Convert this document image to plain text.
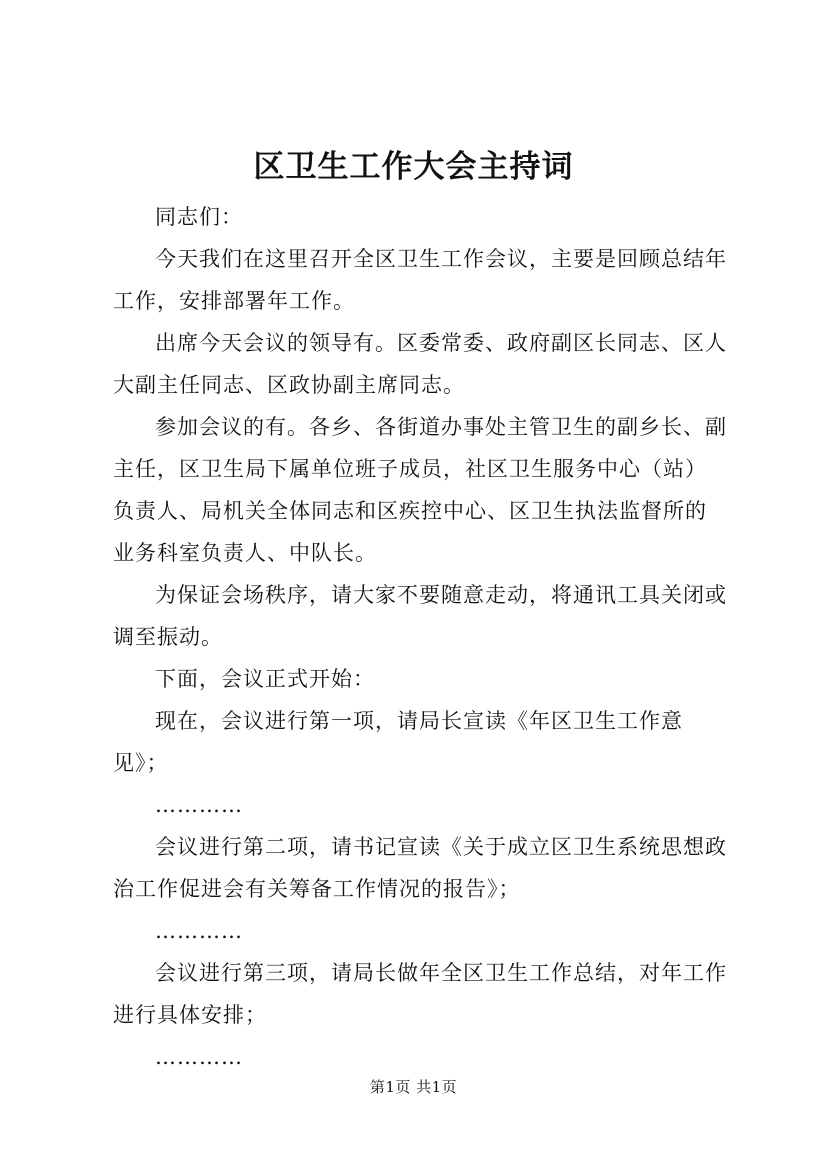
区卫生工作大会主持词

同志们：

今天我们在这里召开全区卫生工作会议，主要是回顾总结年工作，安排部署年工作。

出席今天会议的领导有。区委常委、政府副区长同志、区人大副主任同志、区政协副主席同志。

参加会议的有。各乡、各街道办事处主管卫生的副乡长、副主任，区卫生局下属单位班子成员，社区卫生服务中心（站）负责人、局机关全体同志和区疾控中心、区卫生执法监督所的业务科室负责人、中队长。

为保证会场秩序，请大家不要随意走动，将通讯工具关闭或调至振动。

下面，会议正式开始：

现在，会议进行第一项，请局长宣读《年区卫生工作意见》；

…………

会议进行第二项，请书记宣读《关于成立区卫生系统思想政治工作促进会有关筹备工作情况的报告》；

…………

会议进行第三项，请局长做年全区卫生工作总结，对年工作进行具体安排；

…………

第1页 共1页
